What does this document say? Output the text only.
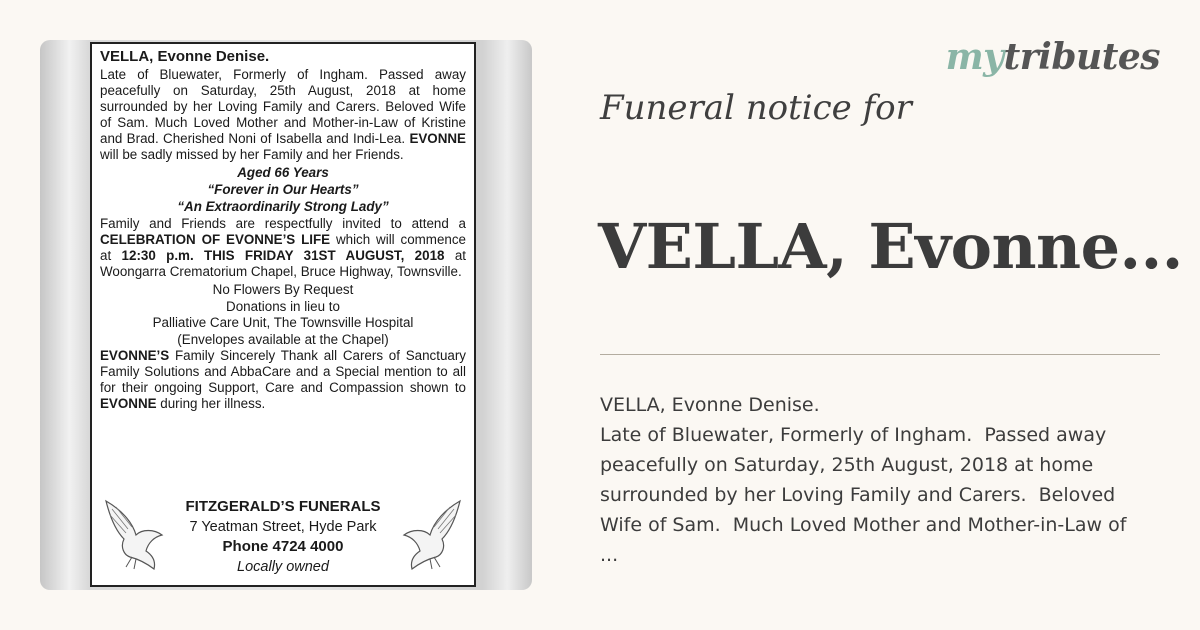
VELLA, Evonne Denise.
Late of Bluewater, Formerly of Ingham. Passed away peacefully on Saturday, 25th August, 2018 at home surrounded by her Loving Family and Carers. Beloved Wife of Sam. Much Loved Mother and Mother-in-Law of Kristine and Brad. Cherished Noni of Isabella and Indi-Lea. EVONNE will be sadly missed by her Family and her Friends.
Aged 66 Years
“Forever in Our Hearts”
“An Extraordinarily Strong Lady”
Family and Friends are respectfully invited to attend a CELEBRATION OF EVONNE’S LIFE which will commence at 12:30 p.m. THIS FRIDAY 31ST AUGUST, 2018 at Woongarra Crematorium Chapel, Bruce Highway, Townsville.
No Flowers By Request
Donations in lieu to
Palliative Care Unit, The Townsville Hospital
(Envelopes available at the Chapel)
EVONNE’S Family Sincerely Thank all Carers of Sanctuary Family Solutions and AbbaCare and a Special mention to all for their ongoing Support, Care and Compassion shown to EVONNE during her illness.
FITZGERALD’S FUNERALS
7 Yeatman Street, Hyde Park
Phone 4724 4000
Locally owned
mytributes
Funeral notice for
VELLA, Evonne...
VELLA, Evonne Denise.
Late of Bluewater, Formerly of Ingham.  Passed away
peacefully on Saturday, 25th August, 2018 at home
surrounded by her Loving Family and Carers.  Beloved
Wife of Sam.  Much Loved Mother and Mother-in-Law of
...
